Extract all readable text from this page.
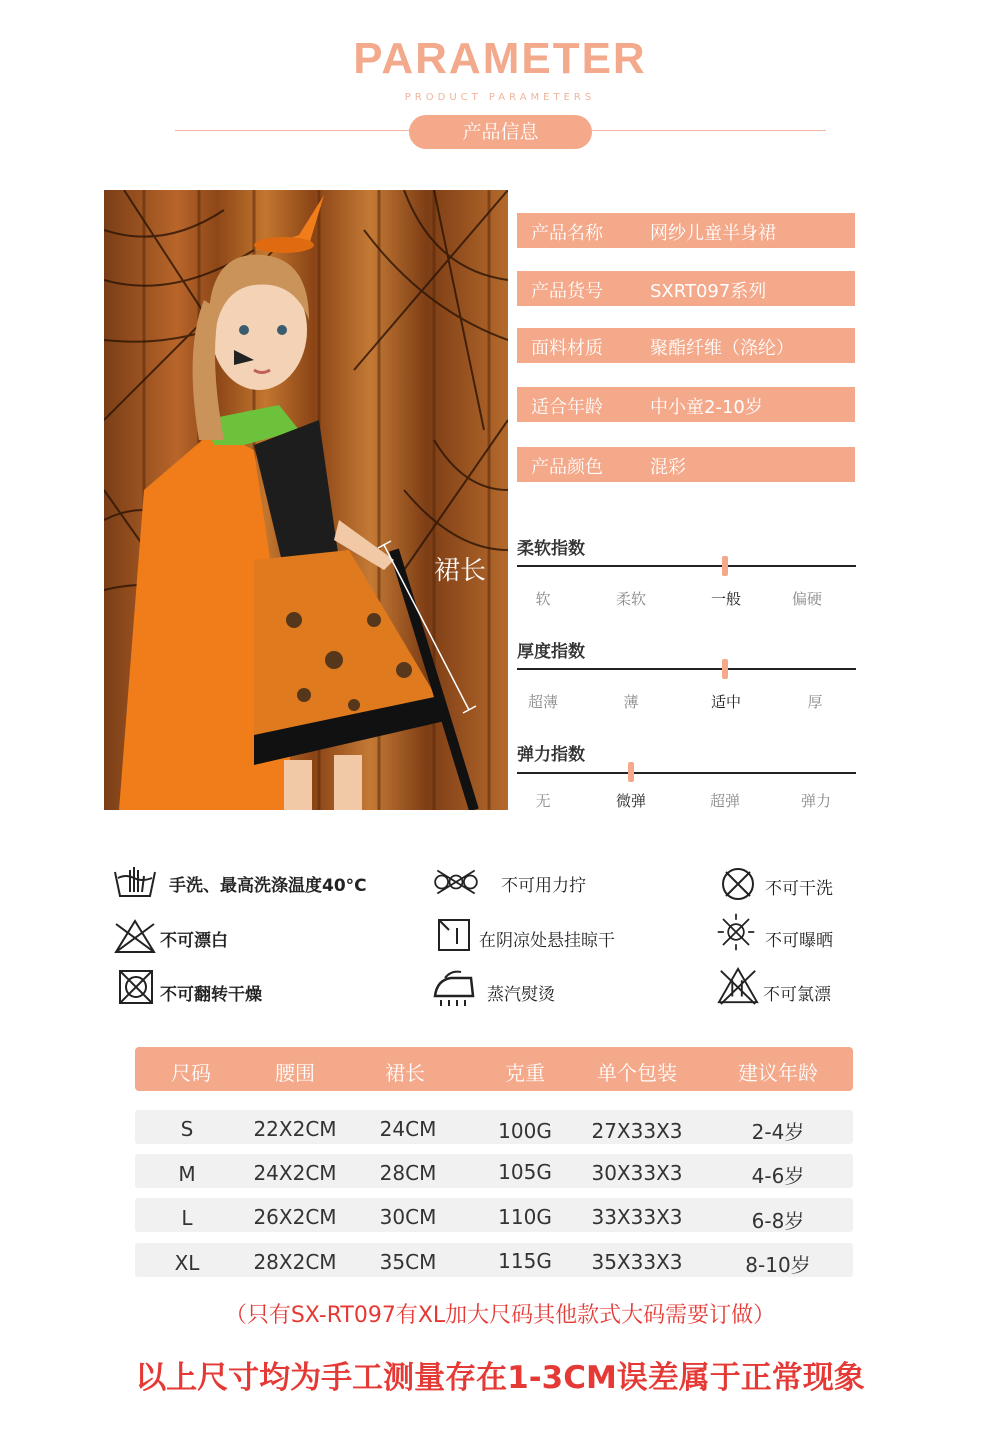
PARAMETER
PRODUCT PARAMETERS
产品信息
裙长
产品名称	网纱儿童半身裙
产品货号	SXRT097系列
面料材质	聚酯纤维（涤纶）
适合年龄	中小童2-10岁
产品颜色	混彩
柔软指数
软	柔软	一般	偏硬
厚度指数
超薄	薄	适中	厚
弹力指数
无	微弹	超弹	弹力
手洗、最高洗涤温度40°C	不可用力拧	不可干洗
不可漂白	在阴凉处悬挂晾干	不可曝晒
不可翻转干燥	蒸汽熨烫	不可氯漂
尺码	腰围	裙长	克重	单个包装	建议年龄
S	22X2CM	24CM	100G	27X33X3	2-4岁
M	24X2CM	28CM	105G	30X33X3	4-6岁
L	26X2CM	30CM	110G	33X33X3	6-8岁
XL	28X2CM	35CM	115G	35X33X3	8-10岁
（只有SX-RT097有XL加大尺码其他款式大码需要订做）
以上尺寸均为手工测量存在1-3CM误差属于正常现象
